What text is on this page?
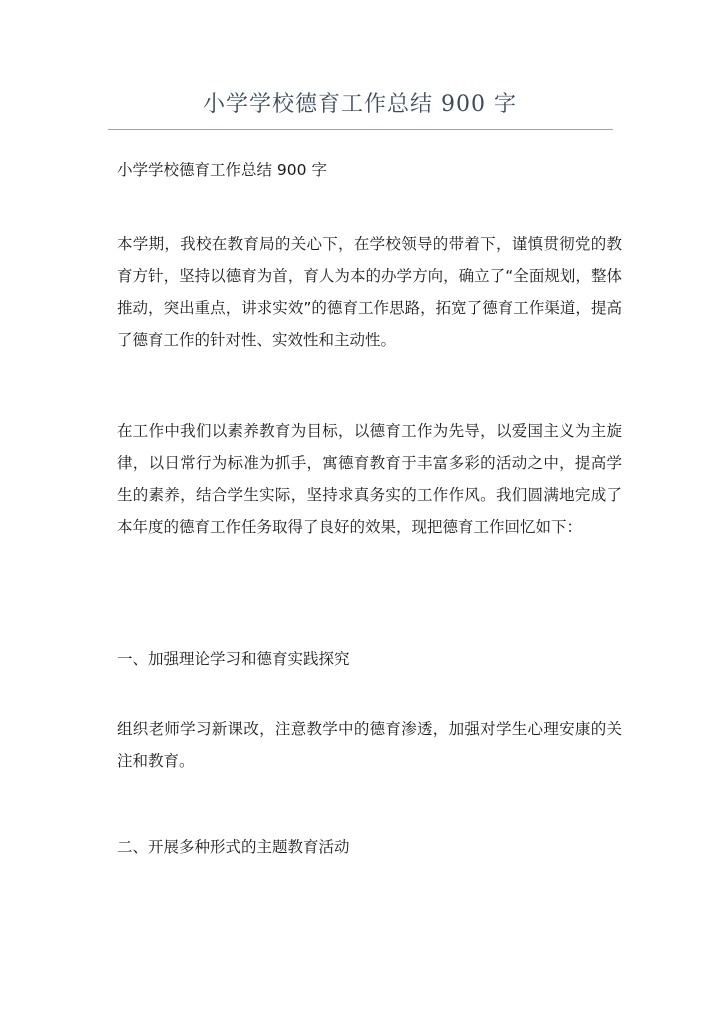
小学学校德育工作总结 900 字
小学学校德育工作总结 900 字
本学期，我校在教育局的关心下，在学校领导的带着下，谨慎贯彻党的教育方针，坚持以德育为首，育人为本的办学方向，确立了“全面规划，整体推动，突出重点，讲求实效”的德育工作思路，拓宽了德育工作渠道，提高了德育工作的针对性、实效性和主动性。
在工作中我们以素养教育为目标，以德育工作为先导，以爱国主义为主旋律，以日常行为标准为抓手，寓德育教育于丰富多彩的活动之中，提高学生的素养，结合学生实际，坚持求真务实的工作作风。我们圆满地完成了本年度的德育工作任务取得了良好的效果，现把德育工作回忆如下：
一、加强理论学习和德育实践探究
组织老师学习新课改，注意教学中的德育渗透，加强对学生心理安康的关注和教育。
二、开展多种形式的主题教育活动
